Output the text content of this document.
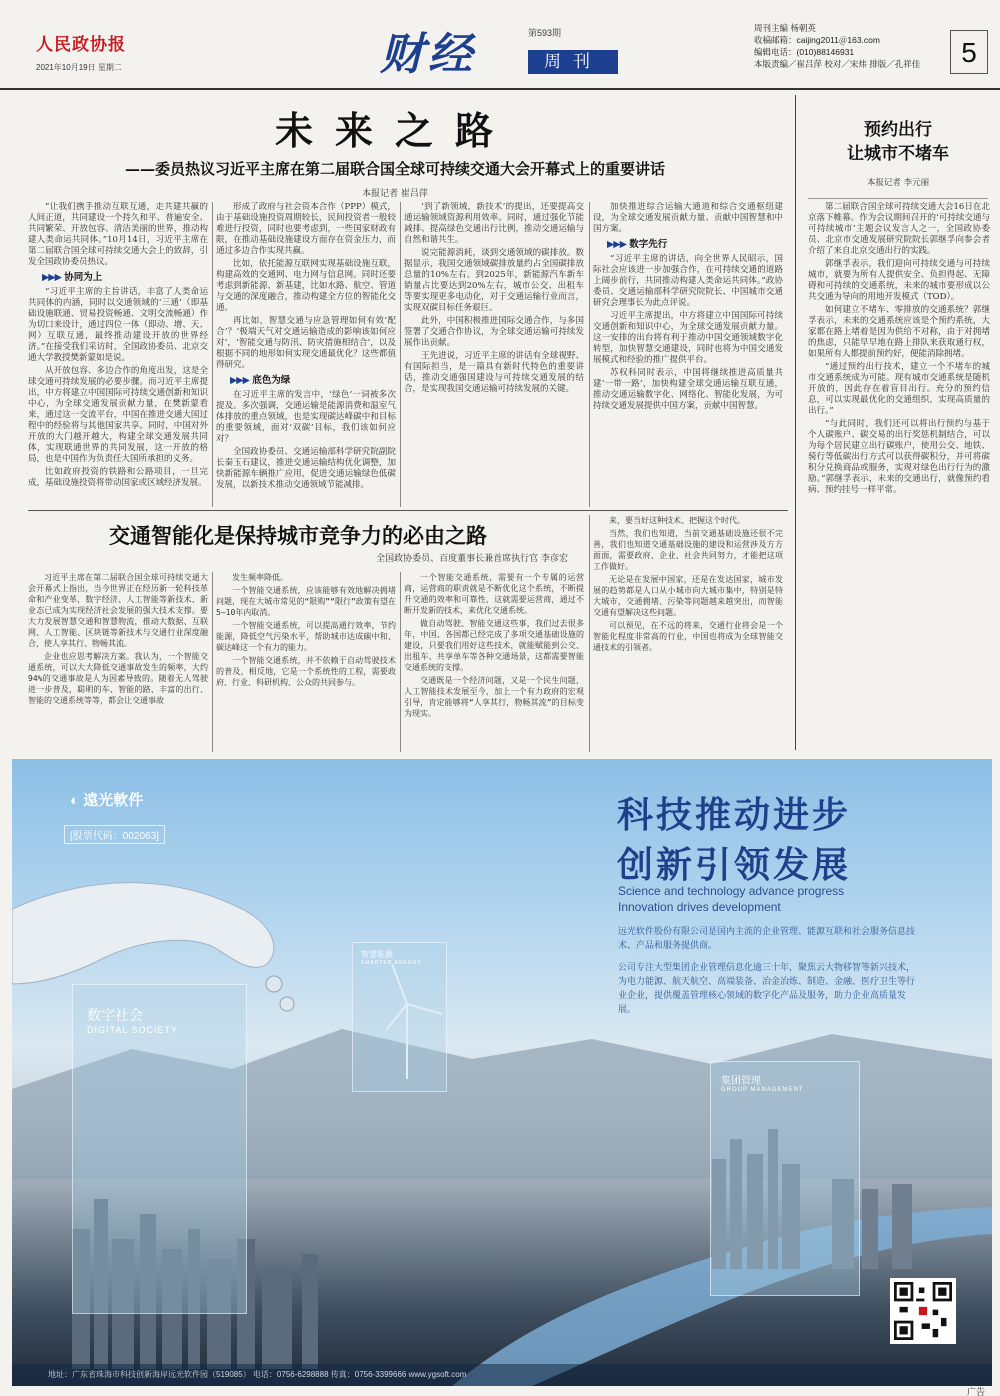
人民政协报
2021年10月19日 星期二	财经	第593期
周刊
周刊主编 杨朝英
收稿邮箱：caijing2011＠163.com
编辑电话：(010)88146931
本版责编／崔吕萍 校对／宋炜 排版／孔祥佳	5
未来之路
——委员热议习近平主席在第二届联合国全球可持续交通大会开幕式上的重要讲话
本报记者 崔吕萍

“让我们携手推动互联互通，走共建共赢的人间正道，共同建设一个持久和平、普遍安全、共同繁荣、开放包容、清洁美丽的世界，推动构建人类命运共同体。”10月14日，习近平主席在第二届联合国全球可持续交通大会上的致辞，引发全国政协委员热议。

▶▶▶ 协同为上

“习近平主席的主旨讲话，丰富了人类命运共同体的内涵，同时以交通领域的‘三通’（即基础设施联通、贸易投资畅通、文明交流畅通）作为切口来设计，通过四位一体（即动、增、天、网）互联互通，最终推动建设开放的世界经济。”在接受我们采访时，全国政协委员、北京交通大学教授樊新蒙如是说。

从开放包容、多边合作的角度出发，这是全球交通可持续发展的必要步骤。而习近平主席提出，中方将建立中国国际可持续交通创新和知识中心，为全球交通发展贡献力量，在樊新蒙看来，通过这一交流平台，中国在推进交通大国过程中的经验将与其他国家共享。同时，中国对外开放的大门越开越大，构建全球交通发展共同体，实现联通世界的共同发展，这一开放的格局，也是中国作为负责任大国所承担的义务。

比如政府投资的铁路和公路项目，一旦完成，基础设施投资将带动国家或区域经济发展。

形成了政府与社会资本合作（PPP）模式，由于基础设施投资周期较长，民间投资者一般较难进行投资，同时也要考虑到，一些国家财政有限，在推动基础设施建设方面存在资金压力，而通过多边合作实现共赢。

比如，依托能源互联网实现基础设施互联，构建高效的交通网、电力网与信息网。同时还要考虑到新能源、新基建，比如水路、航空、管道与交通的深度融合，推动构建全方位的智能化交通。

再比如，智慧交通与应急管理如何有效‘配合’？‘极端天气对交通运输造成的影响该如何应对’，‘智能交通与防汛、防灾措施相结合’，以及根据不同的地形如何实现交通最优化？这些都值得研究。

▶▶▶ 底色为绿

在习近平主席的发言中，‘绿色’一词被多次提及。多次强调，交通运输是能源消费和温室气体排放的重点领域，也是实现碳达峰碳中和目标的重要领域，面对‘双碳’目标，我们该如何应对？

全国政协委员、交通运输部科学研究院副院长秦玉石建议，推进交通运输结构优化调整，加快新能源车辆推广应用，促进交通运输绿色低碳发展，以新技术推动交通领域节能减排。

‘到了新领域，新技术’的提出，还要提高交通运输领域资源利用效率。同时，通过强化节能减排、提高绿色交通出行比例，推动交通运输与自然和谐共生。

说完能源消耗，谈到交通领域的碳排放。数据显示，我国交通领域碳排放量约占全国碳排放总量的10%左右。到2025年，新能源汽车新车销量占比要达到20%左右，城市公交、出租车等要实现更多电动化，对于交通运输行业而言，实现双碳目标任务艰巨。

此外，中国积极推进国际交通合作，与多国签署了交通合作协议，为全球交通运输可持续发展作出贡献。

王先进说，习近平主席的讲话有全球视野、有国际担当，是一篇具有新时代特色的重要讲话，推动交通强国建设与可持续交通发展的结合，是实现我国交通运输可持续发展的关键。

加快推进综合运输大通道和综合交通枢纽建设，为全球交通发展贡献力量、贡献中国智慧和中国方案。

▶▶▶ 数字先行

“习近平主席的讲话，向全世界人民昭示，国际社会应该进一步加强合作，在可持续交通的道路上阔步前行，共同推动构建人类命运共同体。”政协委员、交通运输部科学研究院院长、中国城市交通研究会理事长为此点评说。

习近平主席提出，中方将建立中国国际可持续交通创新和知识中心，为全球交通发展贡献力量。这一安排的出台将有利于推动中国交通领域数字化转型，加快智慧交通建设，同时也将为中国交通发展模式和经验的推广提供平台。

苏权科同时表示，中国将继续推进高质量共建‘一带一路’，加快构建全球交通运输互联互通，推动交通运输数字化、网络化、智能化发展，为可持续交通发展提供中国方案，贡献中国智慧。

预约出行
让城市不堵车
本报记者 李元丽

第二届联合国全球可持续交通大会16日在北京落下帷幕。作为会议期间召开的‘可持续交通与可持续城市’主题会议发言人之一，全国政协委员、北京市交通发展研究院院长郭继孚向参会者介绍了来自北京交通出行的实践。

郭继孚表示，我们迎向可持续交通与可持续城市，就要为所有人提供安全、负担得起、无障碍和可持续的交通系统，未来的城市要形成以公共交通为导向的用地开发模式（TOD）。

如何建立不堵车、零排放的交通系统？郭继孚表示，未来的交通系统应该是个预约系统，大家都在路上堵着是因为供给不对称，由于对拥堵的焦虑，只能早早地在路上排队来获取通行权，如果所有人都提前预约好，便能消除拥堵。

“通过预约出行技术，建立一个不堵车的城市交通系统成为可能。现有城市交通系统是随机开放的，因此存在着盲目出行。充分的预约信息，可以实现最优化的交通组织，实现高质量的出行。”

“与此同时，我们还可以将出行预约与基于个人碳账户、碳交易的出行奖惩机制结合，可以为每个居民建立出行碳账户，使用公交、地铁、骑行等低碳出行方式可以获得碳积分，并可将碳积分兑换商品或服务，实现对绿色出行行为的激励。”郭继孚表示，未来的交通出行，就像预约看病、预约挂号一样平常。

交通智能化是保持城市竞争力的必由之路
全国政协委员、百度董事长兼首席执行官 李彦宏

习近平主席在第二届联合国全球可持续交通大会开幕式上指出，当今世界正在经历新一轮科技革命和产业变革，数字经济、人工智能等新技术、新业态已成为实现经济社会发展的强大技术支撑。要大力发展智慧交通和智慧物流，推动大数据、互联网、人工智能、区块链等新技术与交通行业深度融合，使人享其行、物畅其流。

企业也应思考解决方案。我认为，一个智能交通系统，可以大大降低交通事故发生的频率，大约94%的交通事故是人为因素导致的。随着无人驾驶进一步普及，聪明的车、智能的路、丰富的出行、智能的交通系统等等，都会让交通事故

发生频率降低。

一个智能交通系统，应该能够有效地解决拥堵问题，现在大城市常见的“限购”“限行”政策有望在5—10年内取消。

一个智能交通系统，可以提高通行效率，节约能源，降低空气污染水平，帮助城市达成碳中和、碳达峰这一个有力的能力。

一个智能交通系统，并不依赖于自动驾驶技术的普及，相反地，它是一个系统性的工程，需要政府、行业、科研机构、公众的共同参与。

一个智能交通系统，需要有一个专属的运营商，运营商的职责就是不断优化这个系统，不断提升交通的效率和可靠性，这就需要运营商，通过不断开发新的技术，来优化交通系统。

做自动驾驶、智能交通这些事，我们过去很多年，中国、各国都已经完成了多项交通基础设施的建设，只要我们用好这些技术，就能赋能到公交、出租车、共享单车等各种交通场景，这都需要智能交通系统的支撑。

交通既是一个经济问题，又是一个民生问题，人工智能技术发展至今，加上一个有力政府的宏观引导，肯定能够将“人享其行，物畅其流”的目标变为现实。

来，要当好这种技术、把握这个时代。

当然，我们也知道，当前交通基础设施还很不完善，我们也知道交通基础设施的建设和运营涉及方方面面，需要政府、企业、社会共同努力，才能把这项工作做好。

无论是在发展中国家，还是在发达国家，城市发展的趋势都是人口从小城市向大城市集中，特别是特大城市，交通拥堵、污染等问题越来越突出，而智能交通有望解决这些问题。

可以预见，在不远的将来，交通行业将会是一个智能化程度非常高的行业，中国也将成为全球智能交通技术的引领者。

◐ 遠光軟件
[股票代码：002063]
科技推动进步
创新引领发展
Science and technology advance progress
Innovation drives development
远光软件股份有限公司是国内主流的企业管理、能源互联和社会服务信息技术、产品和服务提供商。
公司专注大型集团企业管理信息化逾三十年，聚焦云大物移智等新兴技术，为电力能源、航天航空、高端装备、冶金冶炼、制造、金融、医疗卫生等行业企业，提供覆盖管理核心领域的数字化产品及服务，助力企业高质量发展。
数字社会
DIGITAL SOCIETY
智慧能源
SMARTER ENERGY
集团管理
GROUP MANAGEMENT
地址：广东省珠海市科技创新海岸远光软件园（519085） 电话：0756-6298888 传真：0756-3399666 www.ygsoft.com
广告
